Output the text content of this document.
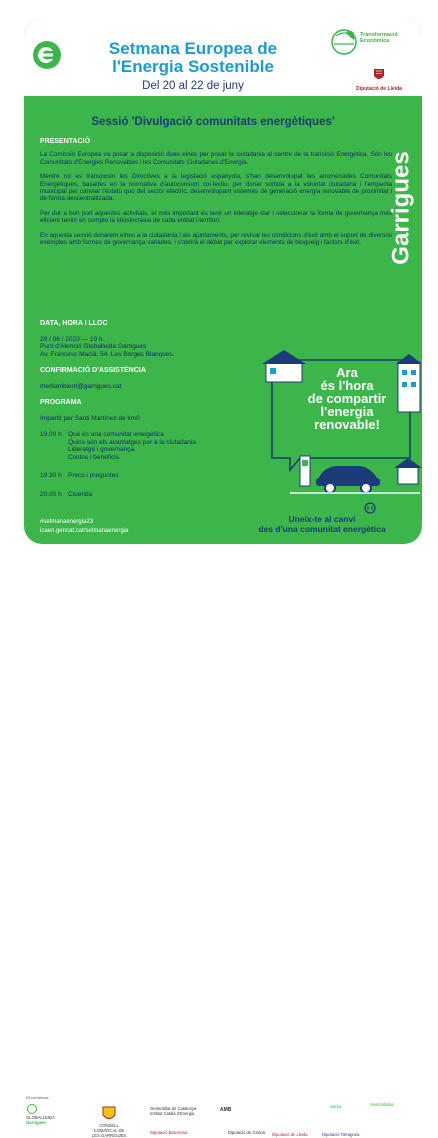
Setmana Europea de
l'Energia Sostenible
Del 20 al 22 de juny
Transformació
Econòmica
Diputació de Lleida
Sessió 'Divulgació comunitats energètiques'
Garrigues
PRESENTACIÓ

La Comissió Europea va posar a disposició dues eines per posar la ciutadania al centre de la transició Energètica. Són les Comunitats d'Energies Renovables i les Comunitats Ciutadanes d'Energia.

Mentre no es transposin les Directives a la legislació espanyola, s'han desenvolupat les anomenades Comunitats Energètiques, basades en la normativa d'autoconsum col·lectiu, per donar sortida a la voluntat ciutadana i l'empenta municipal per canviar l'estatu quo del sector elèctric, desenvolupant sistemes de generació energia renovable de proximitat i de forma descentralitzada.

Per dur a bon port aquestes activitats, el més important és tenir un lideratge clar i seleccionar la forma de governança més eficient tenint en compte la idiosincràsia de cada entitat i territori.

En aquesta sessió donarem eines a la ciutadania i als ajuntaments, per revisar les condicions d'èxit amb el suport de diversos exemples amb formes de governança variades, i s'obrirà el debat per explorar elements de bloqueig i factors d'èxit.

DATA, HORA I LLOC
29 / 06 / 2023 — 19 h.
Punt d'Atenció Globalleida Garrigues
Av. Francesc Macià, 54. Les Borges Blanques.
CONFIRMACIÓ D'ASSISTÈNCIA
mediambient@garrigues.cat
PROGRAMA
Impartit per Santi Martínez de km0
19.00 h Què és una comunitat energètica
Quins són els avantatges per a la ciutadania
Lideratge i governança
Costos i beneficis.
19.30 h Precs i preguntes
20.00 h Cloenda
Ara
és l'hora
de compartir
l'energia
renovable!
#setmanaenergia23
icaen.gencat.cat/setmanaenergia
Uneix-te al canvi
des d'una comunitat energètica
Hi col·labora
GLOBALLEIDA
Garrigues
CONSELL COMARCAL DE LES GARRIGUES
Generalitat de Catalunya Institut Català d'Energia
AMB
Diputació Barcelona	Diputació de Girona	Diputació de Lleida	Diputació Tarragona
Xarxa	Sostenibilitat
